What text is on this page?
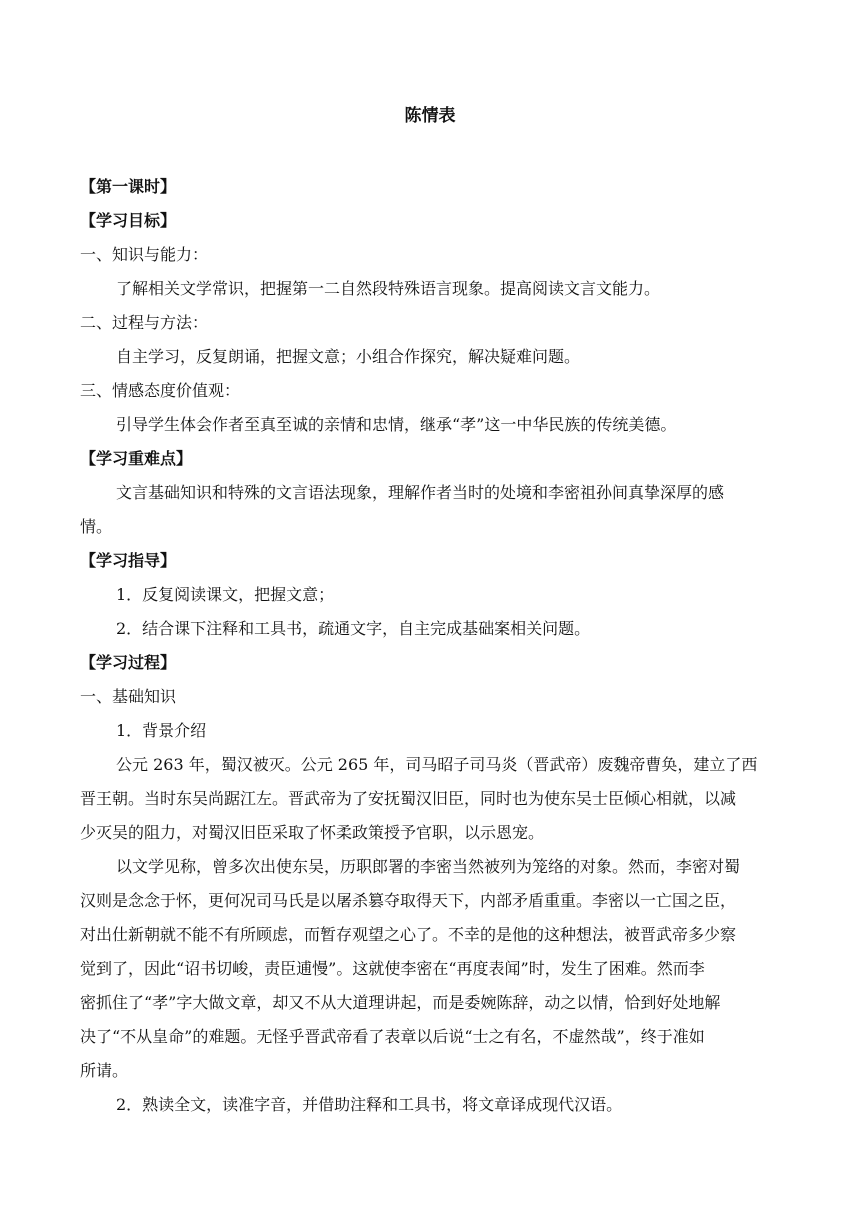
陈情表
【第一课时】
【学习目标】
一、知识与能力：
了解相关文学常识，把握第一二自然段特殊语言现象。提高阅读文言文能力。
二、过程与方法：
自主学习，反复朗诵，把握文意；小组合作探究，解决疑难问题。
三、情感态度价值观：
引导学生体会作者至真至诚的亲情和忠情，继承“孝”这一中华民族的传统美德。
【学习重难点】
文言基础知识和特殊的文言语法现象，理解作者当时的处境和李密祖孙间真挚深厚的感
情。
【学习指导】
1．反复阅读课文，把握文意；
2．结合课下注释和工具书，疏通文字，自主完成基础案相关问题。
【学习过程】
一、基础知识
1．背景介绍
公元 263 年，蜀汉被灭。公元 265 年，司马昭子司马炎（晋武帝）废魏帝曹奂，建立了西
晋王朝。当时东吴尚踞江左。晋武帝为了安抚蜀汉旧臣，同时也为使东吴士臣倾心相就，以减
少灭吴的阻力，对蜀汉旧臣采取了怀柔政策授予官职，以示恩宠。
以文学见称，曾多次出使东吴，历职郎署的李密当然被列为笼络的对象。然而，李密对蜀
汉则是念念于怀，更何况司马氏是以屠杀篡夺取得天下，内部矛盾重重。李密以一亡国之臣，
对出仕新朝就不能不有所顾虑，而暂存观望之心了。不幸的是他的这种想法，被晋武帝多少察
觉到了，因此“诏书切峻，责臣逋慢”。这就使李密在“再度表闻”时，发生了困难。然而李
密抓住了“孝”字大做文章，却又不从大道理讲起，而是委婉陈辞，动之以情，恰到好处地解
决了“不从皇命”的难题。无怪乎晋武帝看了表章以后说“士之有名，不虚然哉”，终于准如
所请。
2．熟读全文，读准字音，并借助注释和工具书，将文章译成现代汉语。
